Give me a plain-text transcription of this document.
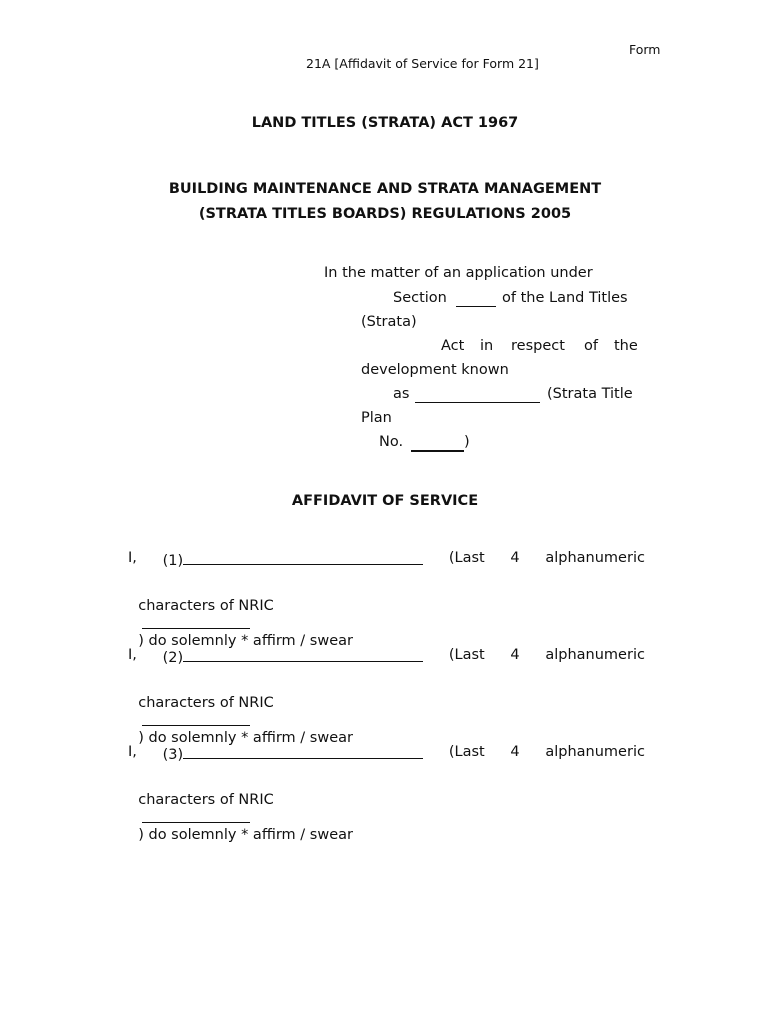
Form
21A [Affidavit of Service for Form 21]
LAND TITLES (STRATA) ACT 1967
BUILDING MAINTENANCE AND STRATA MANAGEMENT
(STRATA TITLES BOARDS) REGULATIONS 2005
In the matter of an application under
Section	of the Land Titles
(Strata)
Act in respect of the
development known
as	(Strata Title
Plan
No.	)
AFFIDAVIT OF SERVICE
I, (1)	(Last 4 alphanumeric

characters of NRIC

) do solemnly * affirm / swear

I, (2)	(Last 4 alphanumeric

characters of NRIC

) do solemnly * affirm / swear

I, (3)	(Last 4 alphanumeric

characters of NRIC

) do solemnly * affirm / swear
